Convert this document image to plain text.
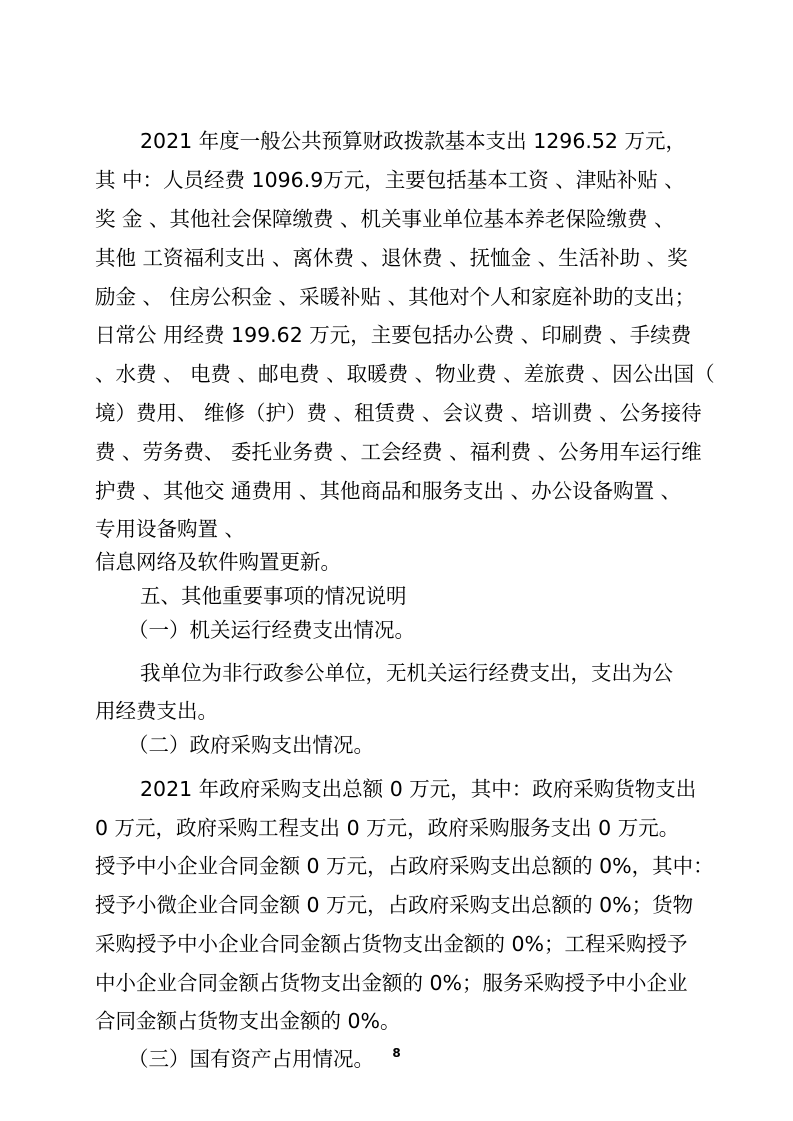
2021 年度一般公共预算财政拨款基本支出 1296.52 万元，
其 中：人员经费 1096.9万元，主要包括基本工资 、津贴补贴 、
奖 金 、其他社会保障缴费 、机关事业单位基本养老保险缴费 、
其他 工资福利支出 、离休费 、退休费 、抚恤金 、生活补助 、奖
励金 、 住房公积金 、采暖补贴 、其他对个人和家庭补助的支出；
日常公 用经费 199.62 万元，主要包括办公费 、印刷费 、手续费
、水费 、 电费 、邮电费 、取暖费 、物业费 、差旅费 、因公出国（
境）费用、 维修（护）费 、租赁费 、会议费 、培训费 、公务接待
费 、劳务费、 委托业务费 、工会经费 、福利费 、公务用车运行维
护费 、其他交 通费用 、其他商品和服务支出 、办公设备购置 、
专用设备购置 、
信息网络及软件购置更新。
五、其他重要事项的情况说明
（一）机关运行经费支出情况。
我单位为非行政参公单位，无机关运行经费支出，支出为公
用经费支出。
（二）政府采购支出情况。
2021 年政府采购支出总额 0 万元，其中：政府采购货物支出
0 万元，政府采购工程支出 0 万元，政府采购服务支出 0 万元。
授予中小企业合同金额 0 万元，占政府采购支出总额的 0%，其中：
授予小微企业合同金额 0 万元，占政府采购支出总额的 0%；货物
采购授予中小企业合同金额占货物支出金额的 0%；工程采购授予
中小企业合同金额占货物支出金额的 0%；服务采购授予中小企业
合同金额占货物支出金额的 0%。
（三）国有资产占用情况。	8
